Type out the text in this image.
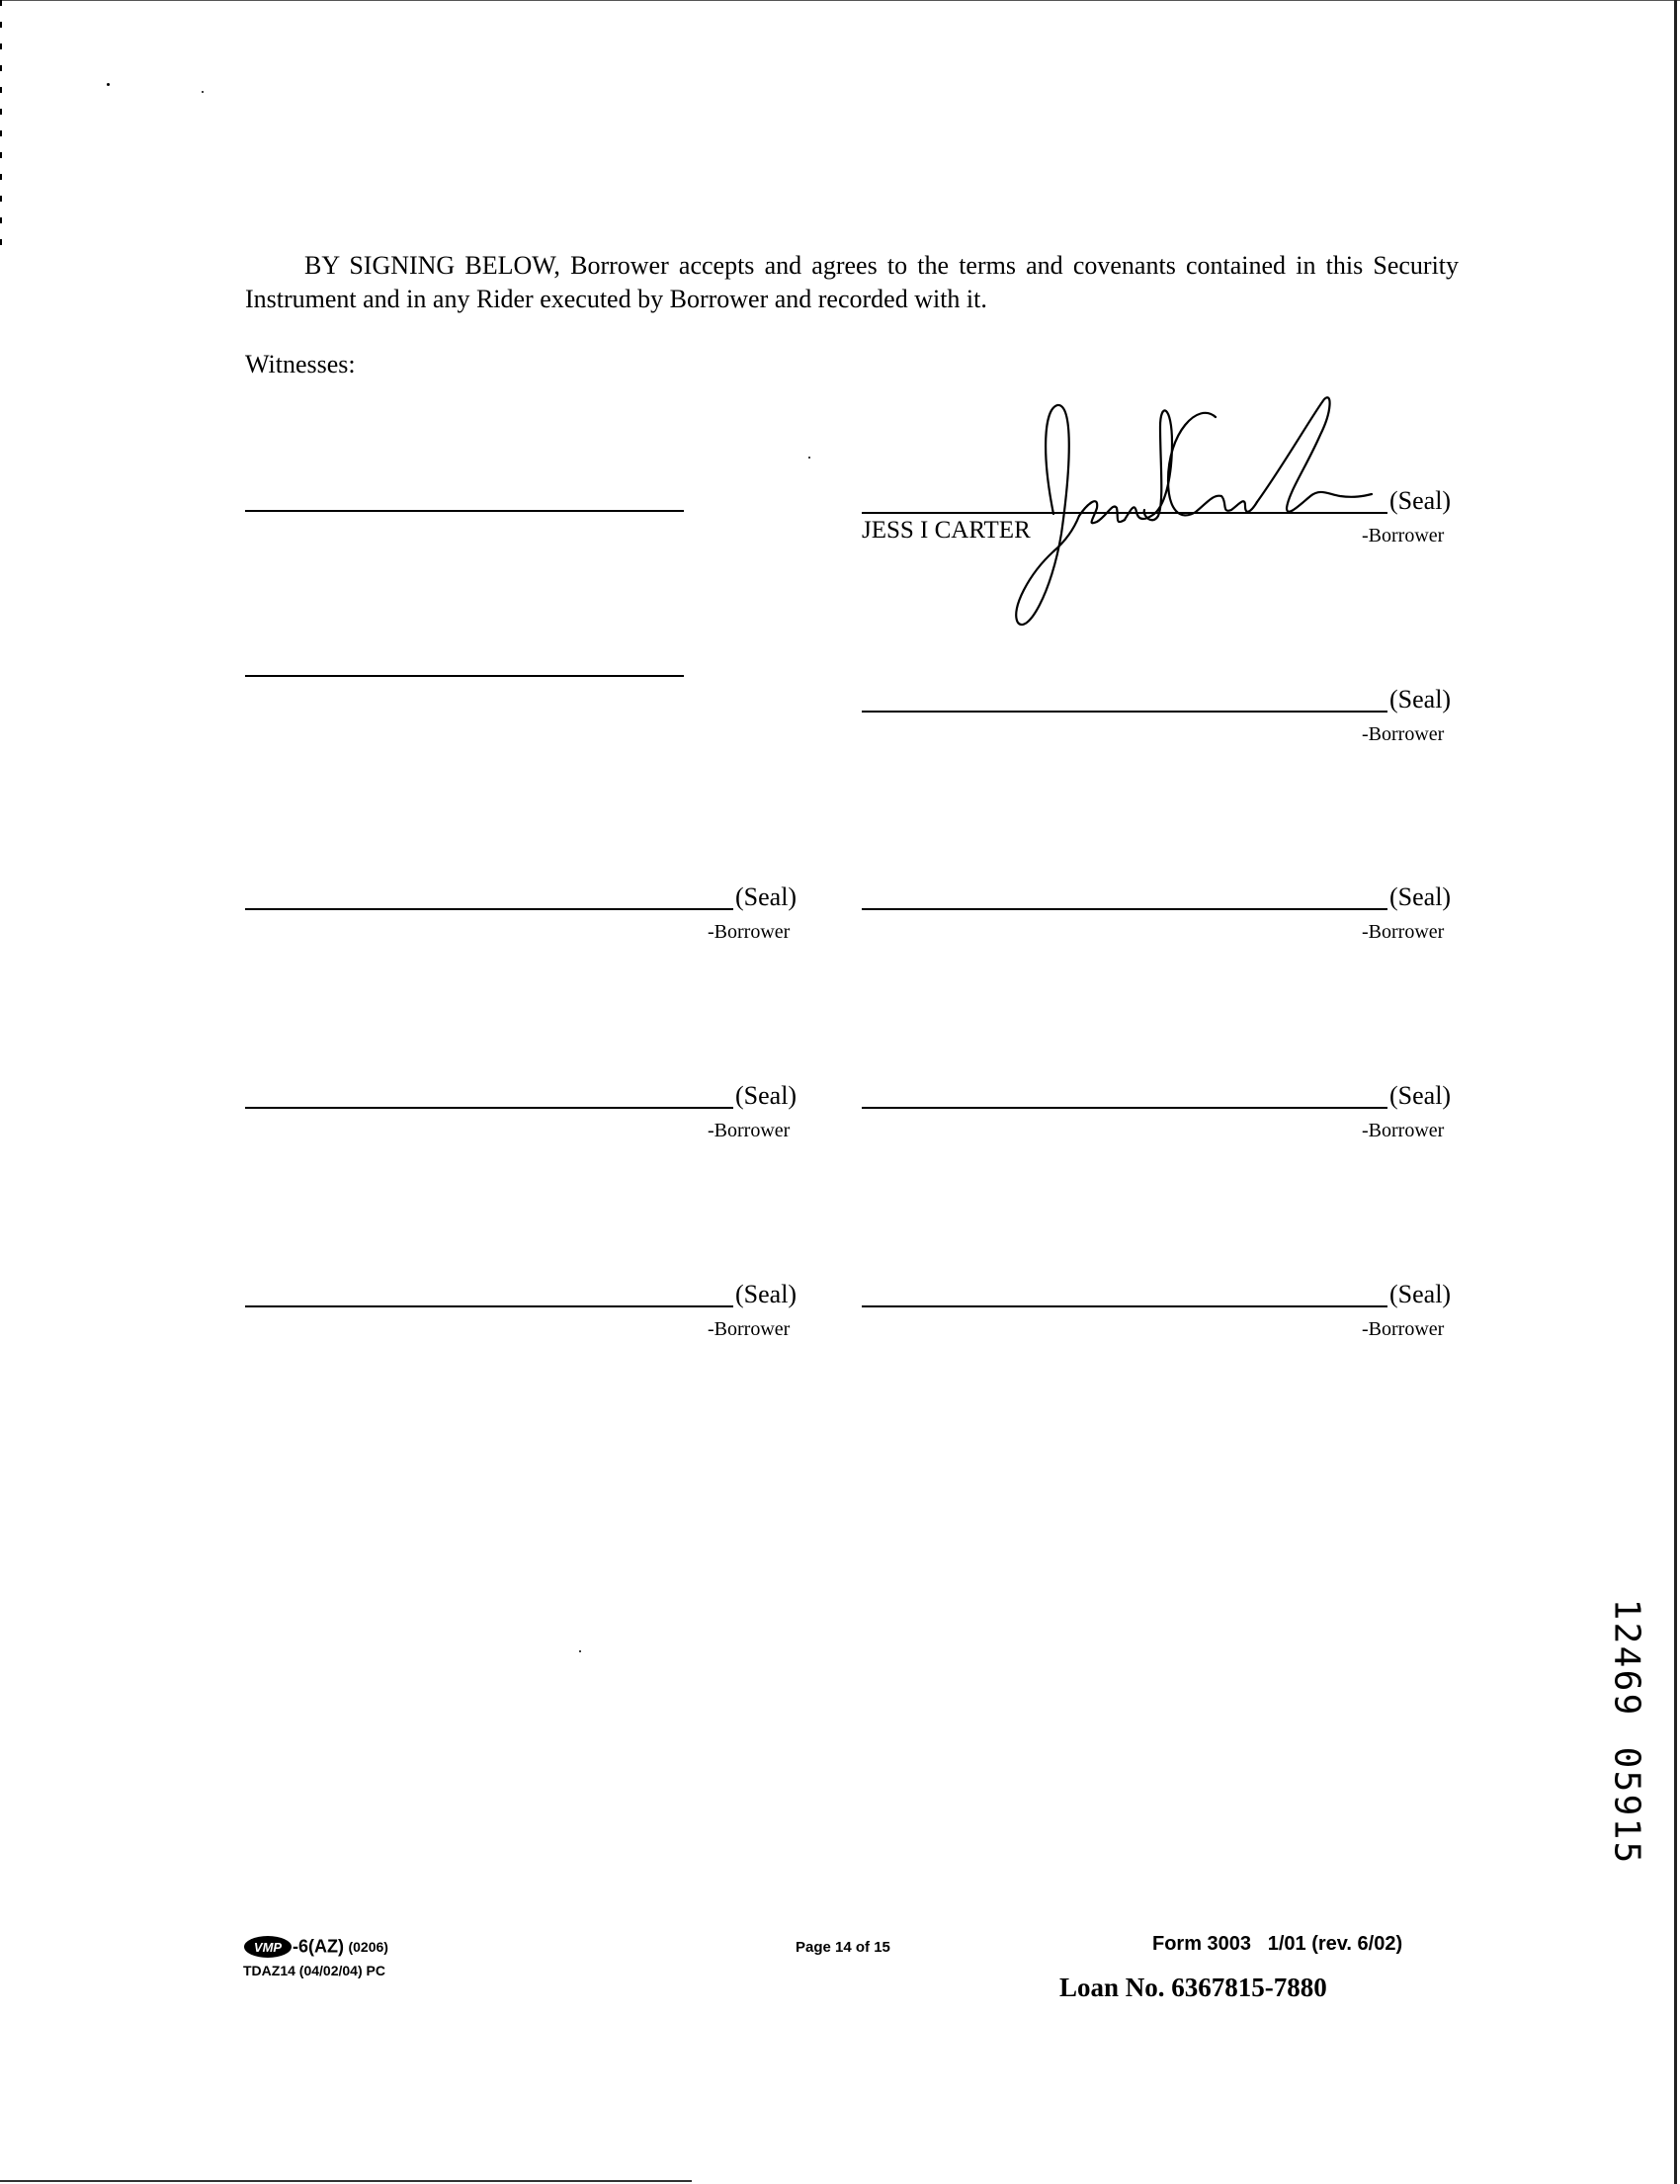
BY SIGNING BELOW, Borrower accepts and agrees to the terms and covenants contained in this Security Instrument and in any Rider executed by Borrower and recorded with it.

Witnesses:
(Seal)
-Borrower
JESS I CARTER
(Seal)
-Borrower
(Seal)
-Borrower
(Seal)
-Borrower
(Seal)
-Borrower
(Seal)
-Borrower
(Seal)
-Borrower
(Seal)
-Borrower
VMP -6(AZ) (0206)
TDAZ14 (04/02/04) PC
Page 14 of 15	Form 3003   1/01 (rev. 6/02)
Loan No. 6367815-7880
1
2
4
6
9
0
5
9
1
5
